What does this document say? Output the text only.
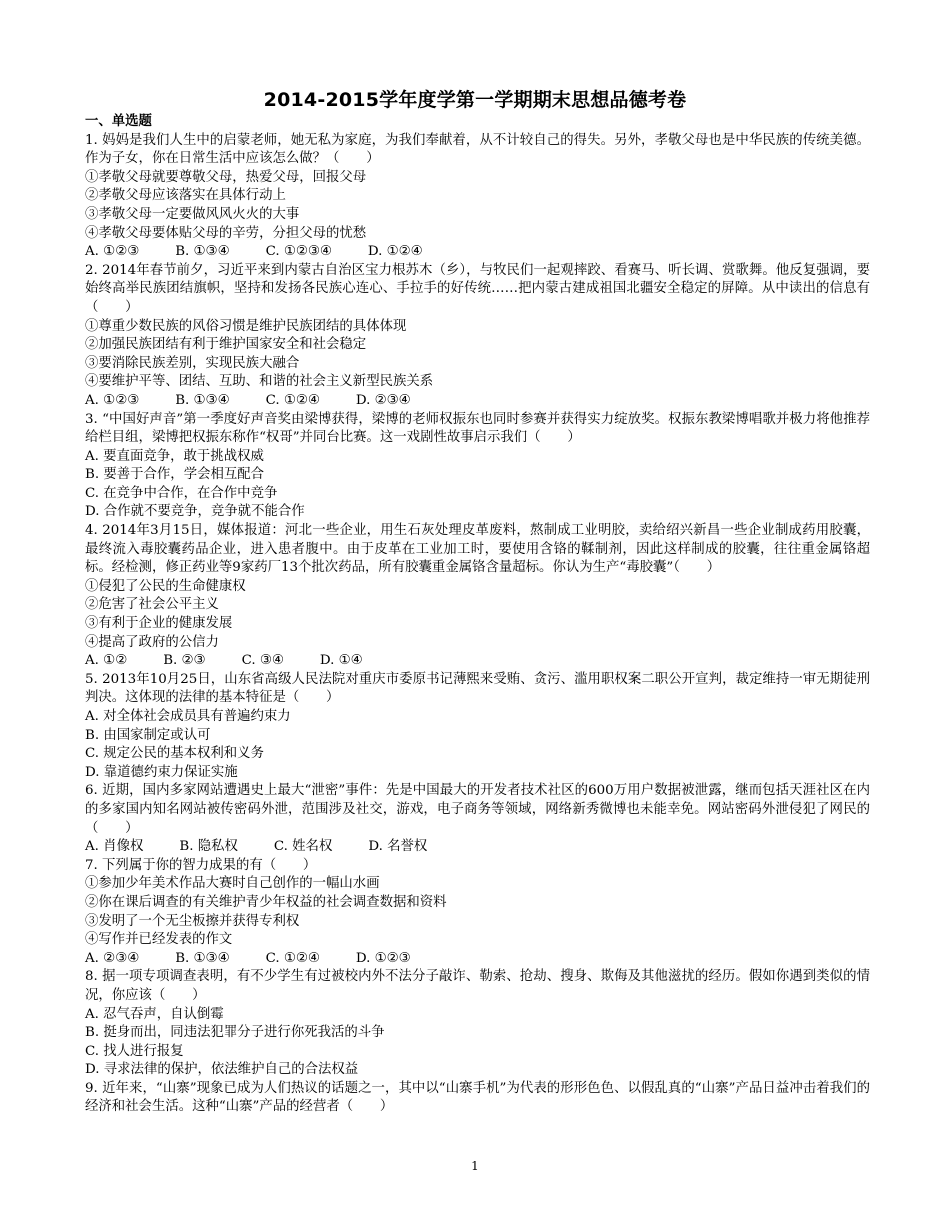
2014-2015学年度学第一学期期末思想品德考卷
一、单选题
1. 妈妈是我们人生中的启蒙老师，她无私为家庭，为我们奉献着，从不计较自己的得失。另外，孝敬父母也是中华民族的传统美德。作为子女，你在日常生活中应该怎么做？（　　）
①孝敬父母就要尊敬父母，热爱父母，回报父母
②孝敬父母应该落实在具体行动上
③孝敬父母一定要做风风火火的大事
④孝敬父母要体贴父母的辛劳，分担父母的忧愁
A. ①②③	B. ①③④	C. ①②③④	D. ①②④
2. 2014年春节前夕，习近平来到内蒙古自治区宝力根苏木（乡），与牧民们一起观摔跤、看赛马、听长调、赏歌舞。他反复强调，要始终高举民族团结旗帜，坚持和发扬各民族心连心、手拉手的好传统……把内蒙古建成祖国北疆安全稳定的屏障。从中读出的信息有（　　）
①尊重少数民族的风俗习惯是维护民族团结的具体体现
②加强民族团结有利于维护国家安全和社会稳定
③要消除民族差别，实现民族大融合
④要维护平等、团结、互助、和谐的社会主义新型民族关系
A. ①②③	B. ①③④	C. ①②④	D. ②③④
3. “中国好声音”第一季度好声音奖由梁博获得，梁博的老师权振东也同时参赛并获得实力绽放奖。权振东教梁博唱歌并极力将他推荐给栏目组，梁博把权振东称作“权哥”并同台比赛。这一戏剧性故事启示我们（　　）
A. 要直面竞争，敢于挑战权威
B. 要善于合作，学会相互配合
C. 在竞争中合作，在合作中竞争
D. 合作就不要竞争，竞争就不能合作
4. 2014年3月15日，媒体报道：河北一些企业，用生石灰处理皮革废料，熬制成工业明胶，卖给绍兴新昌一些企业制成药用胶囊，最终流入毒胶囊药品企业，进入患者腹中。由于皮革在工业加工时，要使用含铬的鞣制剂，因此这样制成的胶囊，往往重金属铬超标。经检测，修正药业等9家药厂13个批次药品，所有胶囊重金属铬含量超标。你认为生产“毒胶囊”（　　）
①侵犯了公民的生命健康权
②危害了社会公平主义
③有利于企业的健康发展
④提高了政府的公信力
A. ①②	B. ②③	C. ③④	D. ①④
5. 2013年10月25日，山东省高级人民法院对重庆市委原书记薄熙来受贿、贪污、滥用职权案二职公开宣判，裁定维持一审无期徒刑判决。这体现的法律的基本特征是（　　）
A. 对全体社会成员具有普遍约束力
B. 由国家制定或认可
C. 规定公民的基本权利和义务
D. 靠道德约束力保证实施
6. 近期，国内多家网站遭遇史上最大“泄密”事件：先是中国最大的开发者技术社区的600万用户数据被泄露，继而包括天涯社区在内的多家国内知名网站被传密码外泄，范围涉及社交，游戏，电子商务等领域，网络新秀微博也未能幸免。网站密码外泄侵犯了网民的（　　）
A. 肖像权	B. 隐私权	C. 姓名权	D. 名誉权
7. 下列属于你的智力成果的有（　　）
①参加少年美术作品大赛时自己创作的一幅山水画
②你在课后调查的有关维护青少年权益的社会调查数据和资料
③发明了一个无尘板擦并获得专利权
④写作并已经发表的作文
A. ②③④	B. ①③④	C. ①②④	D. ①②③
8. 据一项专项调查表明，有不少学生有过被校内外不法分子敲诈、勒索、抢劫、搜身、欺侮及其他滋扰的经历。假如你遇到类似的情况，你应该（　　）
A. 忍气吞声，自认倒霉
B. 挺身而出，同违法犯罪分子进行你死我活的斗争
C. 找人进行报复
D. 寻求法律的保护，依法维护自己的合法权益
9. 近年来，“山寨”现象已成为人们热议的话题之一，其中以“山寨手机”为代表的形形色色、以假乱真的“山寨”产品日益冲击着我们的经济和社会生活。这种“山寨”产品的经营者（　　）
1
